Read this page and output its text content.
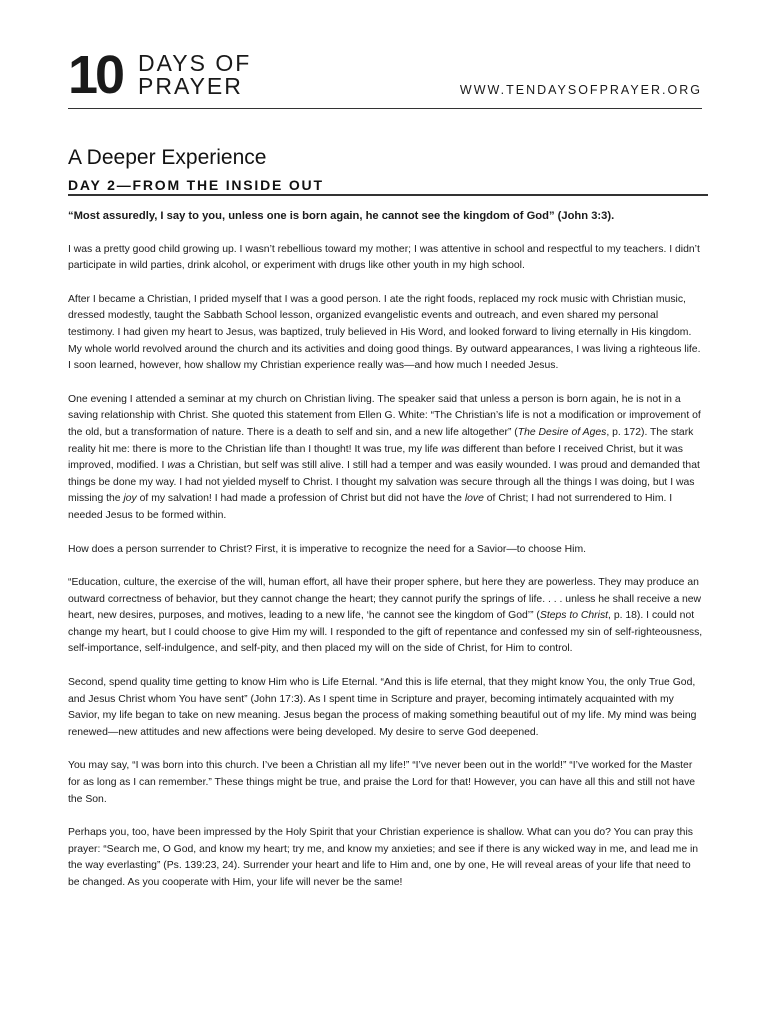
10 DAYS OF
PRAYER	WWW.TENDAYSOFPRAYER.ORG
A Deeper Experience
DAY 2—FROM THE INSIDE OUT

“Most assuredly, I say to you, unless one is born again, he cannot see the kingdom of God” (John 3:3).

I was a pretty good child growing up. I wasn’t rebellious toward my mother; I was attentive in school and respectful to my teachers. I didn’t participate in wild parties, drink alcohol, or experiment with drugs like other youth in my high school.

After I became a Christian, I prided myself that I was a good person. I ate the right foods, replaced my rock music with Christian music, dressed modestly, taught the Sabbath School lesson, organized evangelistic events and outreach, and even shared my personal testimony. I had given my heart to Jesus, was baptized, truly believed in His Word, and looked forward to living eternally in His kingdom. My whole world revolved around the church and its activities and doing good things. By outward appearances, I was living a righteous life. I soon learned, however, how shallow my Christian experience really was—and how much I needed Jesus.

One evening I attended a seminar at my church on Christian living. The speaker said that unless a person is born again, he is not in a saving relationship with Christ. She quoted this statement from Ellen G. White: “The Christian’s life is not a modification or improvement of the old, but a transformation of nature. There is a death to self and sin, and a new life altogether” (The Desire of Ages, p. 172). The stark reality hit me: there is more to the Christian life than I thought! It was true, my life was different than before I received Christ, but it was improved, modified. I was a Christian, but self was still alive. I still had a temper and was easily wounded. I was proud and demanded that things be done my way. I had not yielded myself to Christ. I thought my salvation was secure through all the things I was doing, but I was missing the joy of my salvation! I had made a profession of Christ but did not have the love of Christ; I had not surrendered to Him. I needed Jesus to be formed within.

How does a person surrender to Christ? First, it is imperative to recognize the need for a Savior—to choose Him.

“Education, culture, the exercise of the will, human effort, all have their proper sphere, but here they are powerless. They may produce an outward correctness of behavior, but they cannot change the heart; they cannot purify the springs of life. . . . unless he shall receive a new heart, new desires, purposes, and motives, leading to a new life, ‘he cannot see the kingdom of God’” (Steps to Christ, p. 18). I could not change my heart, but I could choose to give Him my will. I responded to the gift of repentance and confessed my sin of self-righteousness, self-importance, self-indulgence, and self-pity, and then placed my will on the side of Christ, for Him to control.

Second, spend quality time getting to know Him who is Life Eternal. “And this is life eternal, that they might know You, the only True God, and Jesus Christ whom You have sent” (John 17:3). As I spent time in Scripture and prayer, becoming intimately acquainted with my Savior, my life began to take on new meaning. Jesus began the process of making something beautiful out of my life. My mind was being renewed—new attitudes and new affections were being developed. My desire to serve God deepened.

You may say, “I was born into this church. I’ve been a Christian all my life!” “I’ve never been out in the world!” “I’ve worked for the Master for as long as I can remember.” These things might be true, and praise the Lord for that! However, you can have all this and still not have the Son.

Perhaps you, too, have been impressed by the Holy Spirit that your Christian experience is shallow. What can you do? You can pray this prayer: “Search me, O God, and know my heart; try me, and know my anxieties; and see if there is any wicked way in me, and lead me in the way everlasting” (Ps. 139:23, 24). Surrender your heart and life to Him and, one by one, He will reveal areas of your life that need to be changed. As you cooperate with Him, your life will never be the same!
